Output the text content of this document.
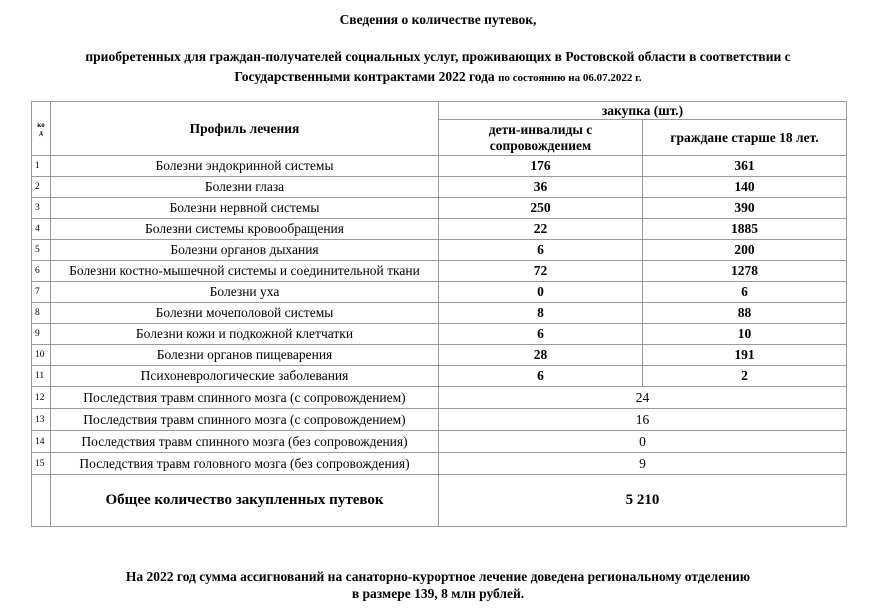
Сведения о количестве путевок,
приобретенных для граждан-получателей социальных услуг, проживающих в Ростовской области в соответствии с Государственными контрактами 2022 года по состоянию на 06.07.2022 г.
ко
д	Профиль лечения	закупка (шт.)	
		дети-инвалиды с сопровождением	граждане старше 18 лет.
1	Болезни эндокринной системы	176	361
2	Болезни глаза	36	140
3	Болезни нервной системы	250	390
4	Болезни системы кровообращения	22	1885
5	Болезни органов дыхания	6	200
6	Болезни костно-мышечной системы и соединительной ткани	72	1278
7	Болезни уха	0	6
8	Болезни мочеполовой системы	8	88
9	Болезни кожи и подкожной клетчатки	6	10
10	Болезни органов пищеварения	28	191
11	Психоневрологические заболевания	6	2
12	Последствия травм спинного мозга (с сопровождением)	24	
13	Последствия травм спинного мозга (с сопровождением)	16	
14	Последствия травм спинного мозга (без сопровождения)	0	
15	Последствия травм головного мозга (без сопровождения)	9	
	Общее количество закупленных путевок	5 210	
На 2022 год сумма ассигнований на санаторно-курортное лечение доведена региональному отделению
в размере 139, 8 млн рублей.
